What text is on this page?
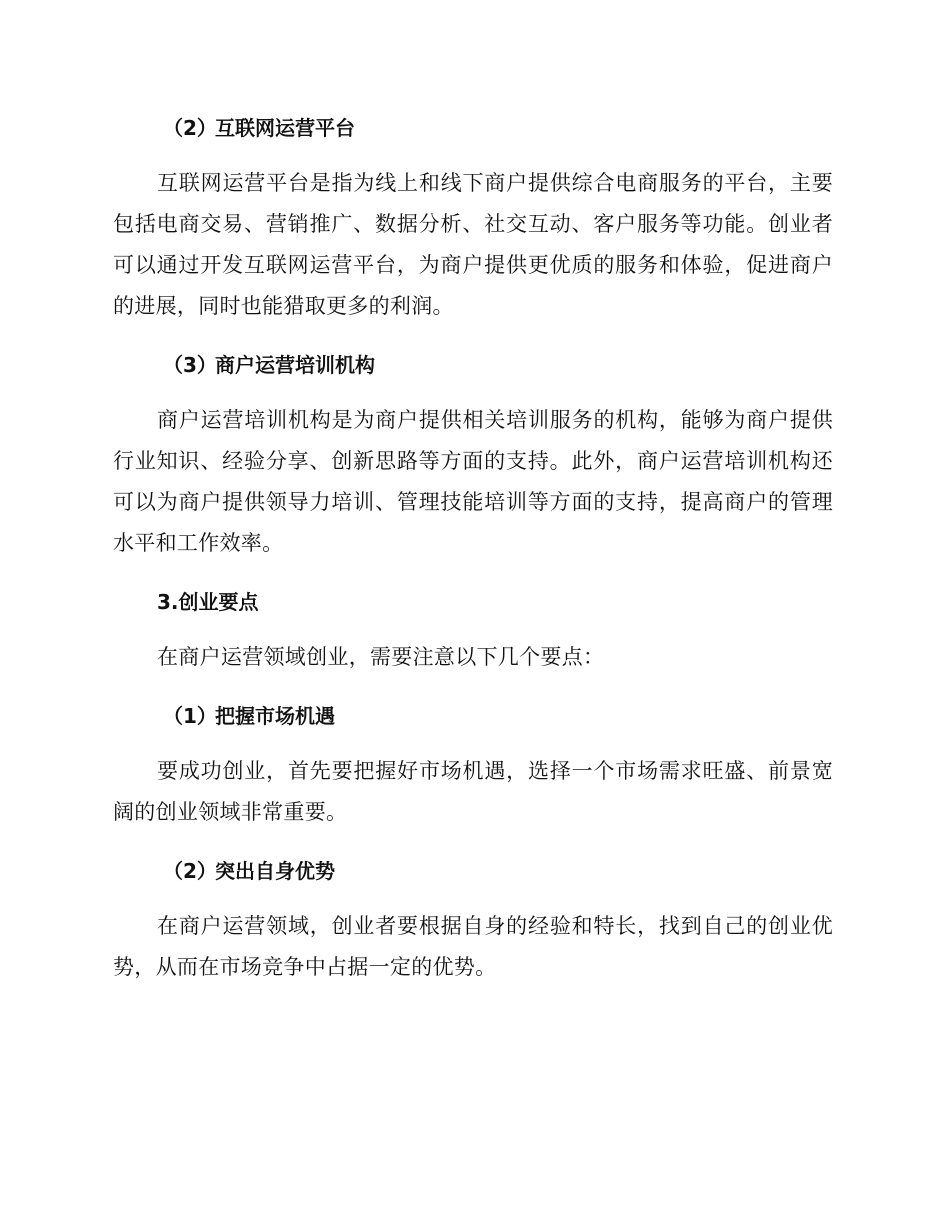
（2）互联网运营平台

互联网运营平台是指为线上和线下商户提供综合电商服务的平台，主要包括电商交易、营销推广、数据分析、社交互动、客户服务等功能。创业者可以通过开发互联网运营平台，为商户提供更优质的服务和体验，促进商户的进展，同时也能猎取更多的利润。

（3）商户运营培训机构

商户运营培训机构是为商户提供相关培训服务的机构，能够为商户提供行业知识、经验分享、创新思路等方面的支持。此外，商户运营培训机构还可以为商户提供领导力培训、管理技能培训等方面的支持，提高商户的管理水平和工作效率。

3.创业要点

在商户运营领域创业，需要注意以下几个要点：

（1）把握市场机遇

要成功创业，首先要把握好市场机遇，选择一个市场需求旺盛、前景宽阔的创业领域非常重要。

（2）突出自身优势

在商户运营领域，创业者要根据自身的经验和特长，找到自己的创业优势，从而在市场竞争中占据一定的优势。
